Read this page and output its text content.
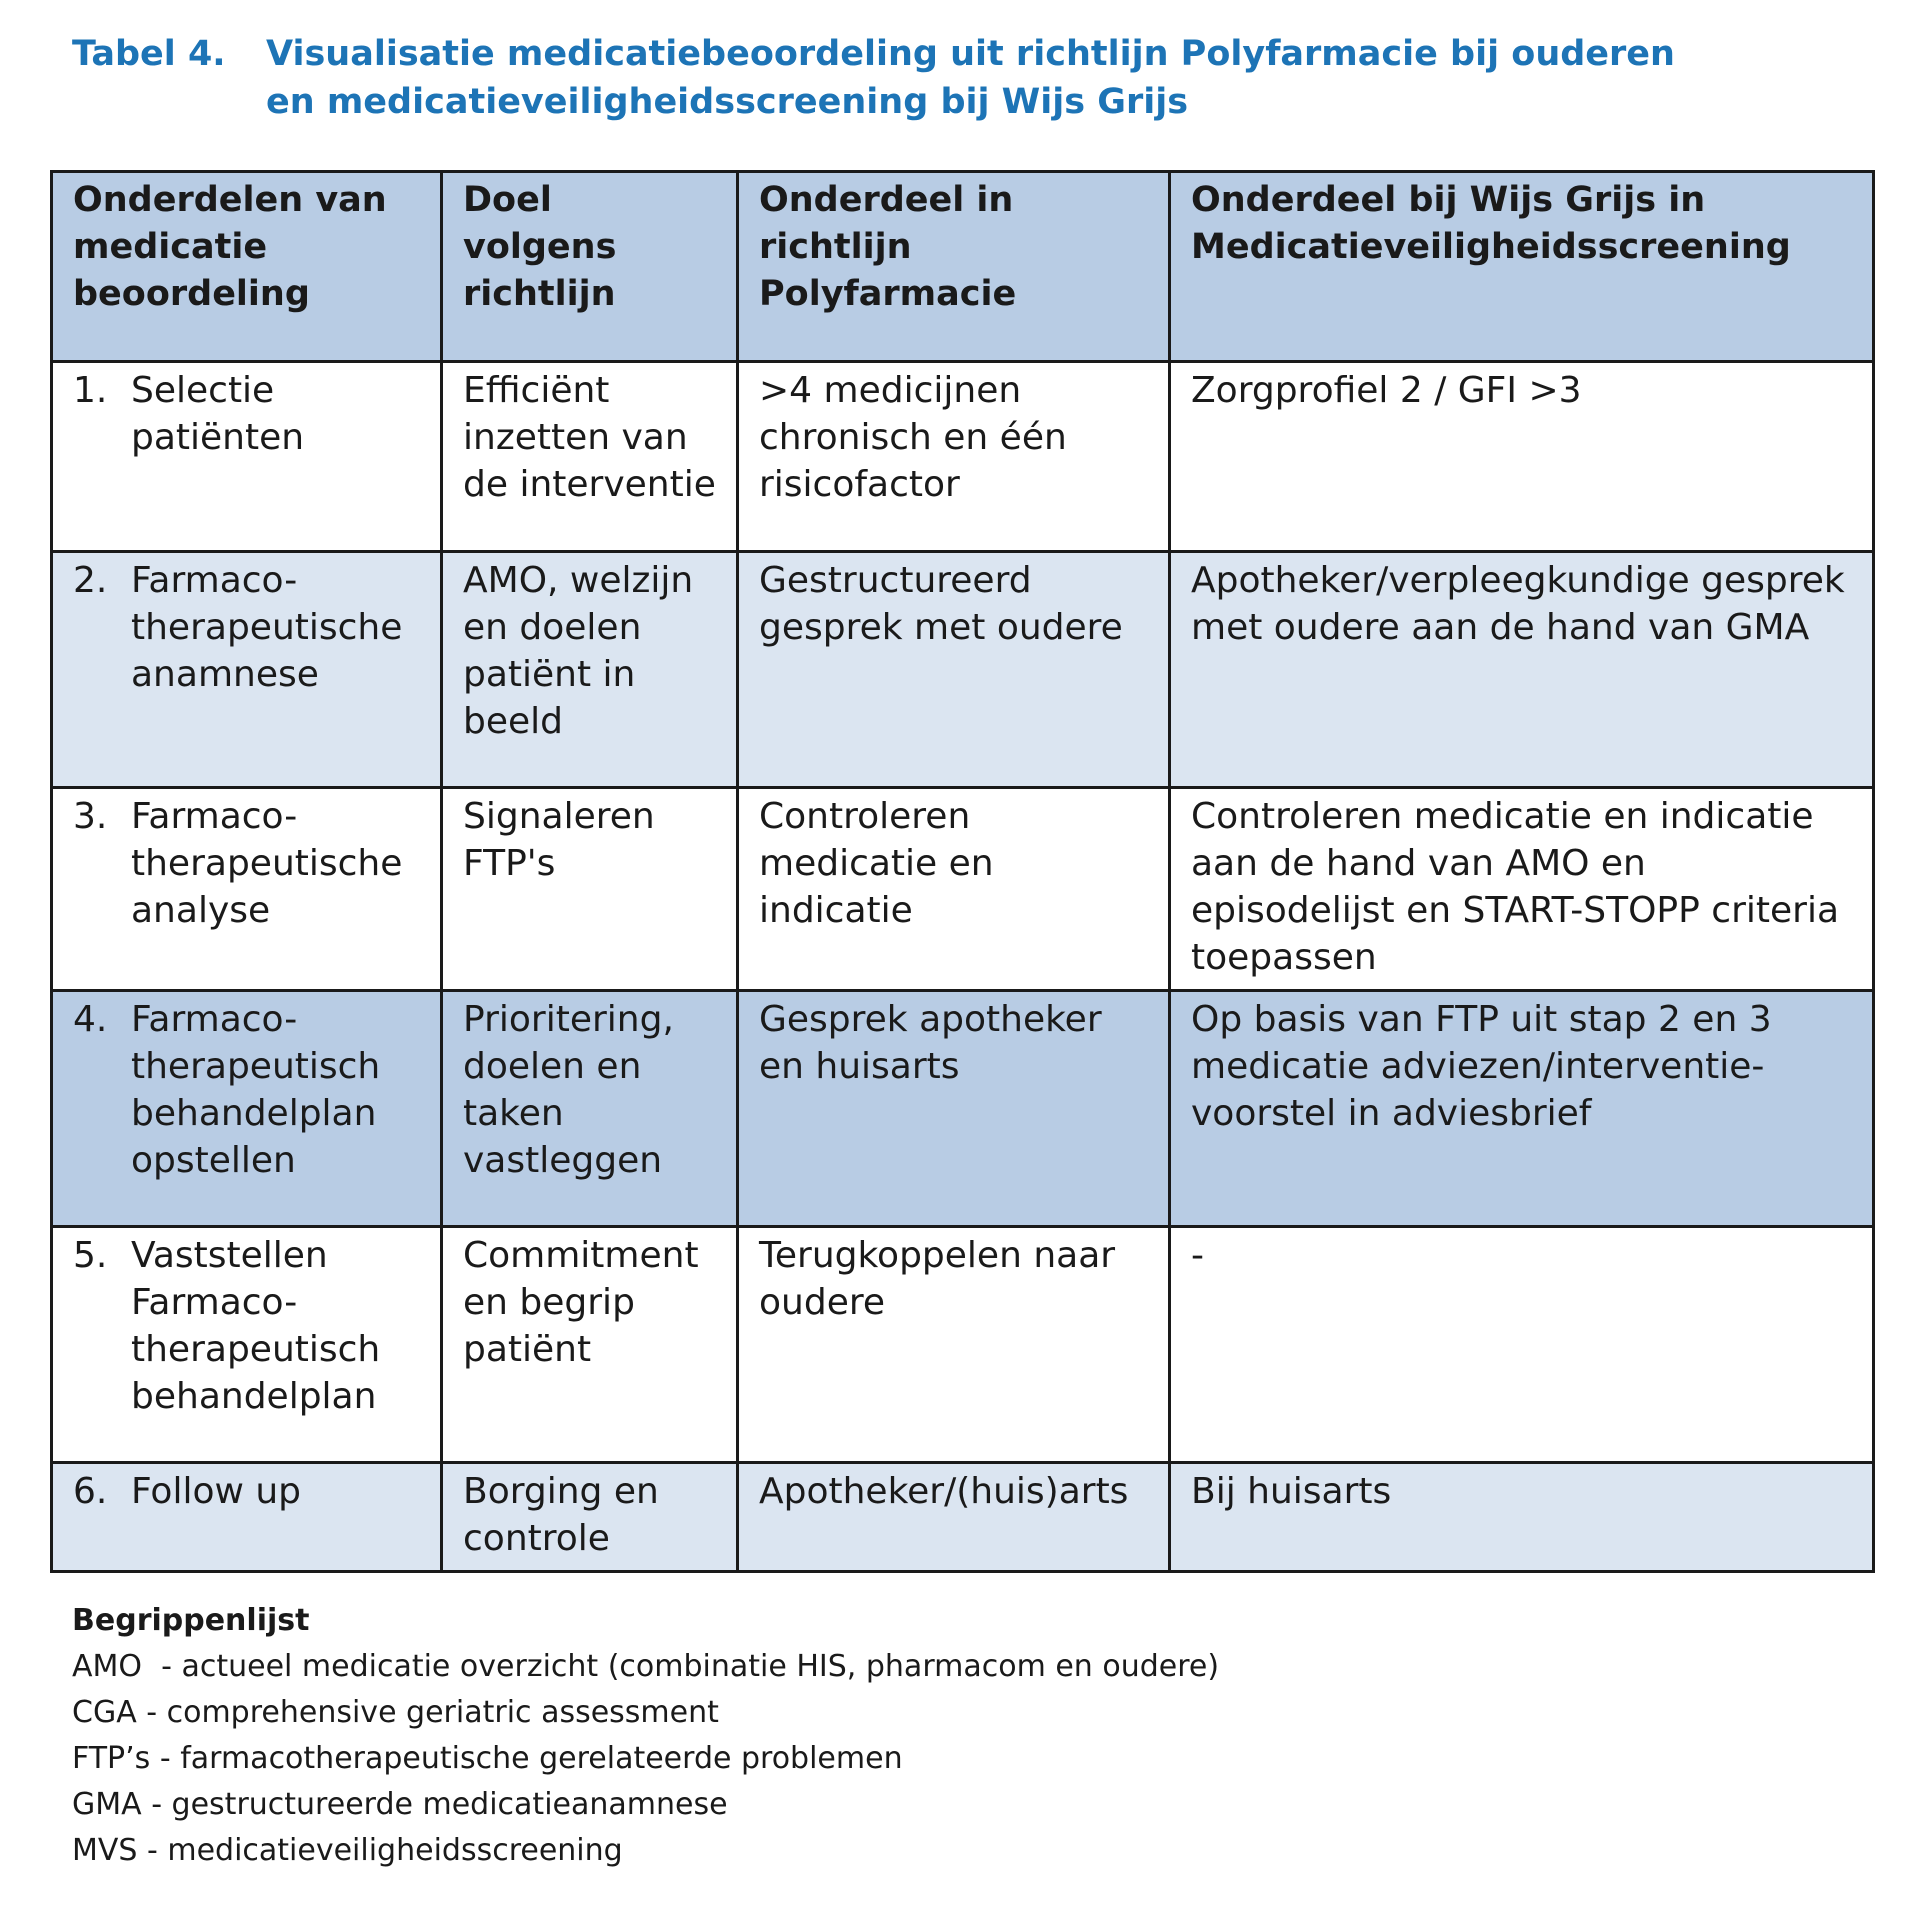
Tabel 4.	Visualisatie medicatiebeoordeling uit richtlijn Polyfarmacie bij ouderen
en medicatieveiligheidsscreening bij Wijs Grijs
Onderdelen van medicatie beoordeling	Doel volgens richtlijn	Onderdeel in richtlijn Polyfarmacie	Onderdeel bij Wijs Grijs in Medicatieveiligheidsscreening

1. Selectie patiënten	Efficiënt inzetten van de interventie	>4 medicijnen chronisch en één risicofactor	Zorgprofiel 2 / GFI >3

2. Farmaco-therapeutische anamnese	AMO, welzijn en doelen patiënt in beeld	Gestructureerd gesprek met oudere	Apotheker/verpleegkundige gesprek met oudere aan de hand van GMA

3. Farmaco-therapeutische analyse	Signaleren FTP's	Controleren medicatie en indicatie	Controleren medicatie en indicatie aan de hand van AMO en episodelijst en START-STOPP criteria toepassen

4. Farmaco-therapeutisch behandelplan opstellen	Prioritering, doelen en taken vastleggen	Gesprek apotheker en huisarts	Op basis van FTP uit stap 2 en 3 medicatie adviezen/interventie-voorstel in adviesbrief

5. Vaststellen Farmaco-therapeutisch behandelplan	Commitment en begrip patiënt	Terugkoppelen naar oudere	-

6. Follow up	Borging en controle	Apotheker/(huis)arts	Bij huisarts
Begrippenlijst
AMO  - actueel medicatie overzicht (combinatie HIS, pharmacom en oudere)
CGA - comprehensive geriatric assessment
FTP’s - farmacotherapeutische gerelateerde problemen
GMA - gestructureerde medicatieanamnese
MVS - medicatieveiligheidsscreening
